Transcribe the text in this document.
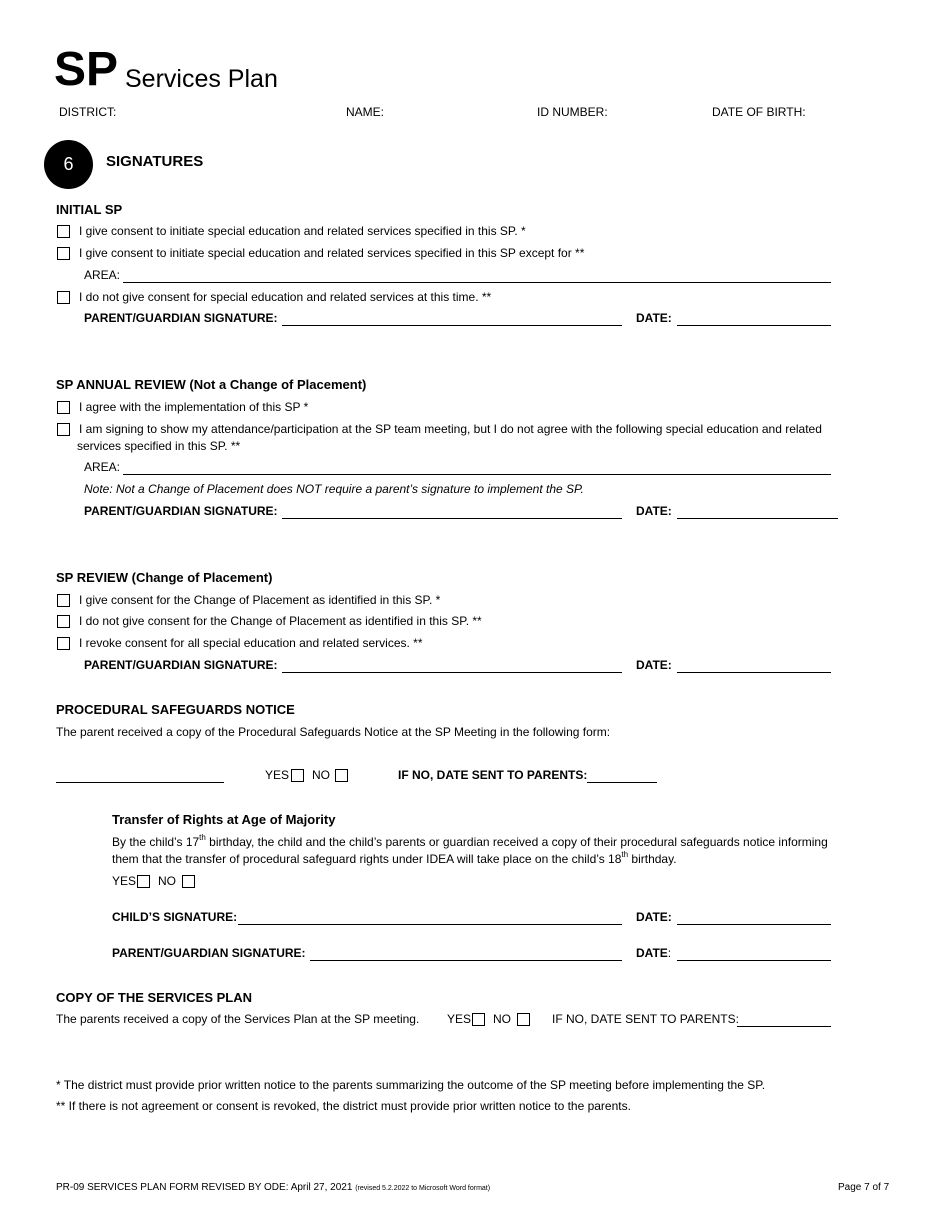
SP Services Plan
DISTRICT:	NAME:	ID NUMBER:	DATE OF BIRTH:
6	SIGNATURES
INITIAL SP
I give consent to initiate special education and related services specified in this SP. *
I give consent to initiate special education and related services specified in this SP except for **
AREA:
I do not give consent for special education and related services at this time. **
PARENT/GUARDIAN SIGNATURE:	DATE:
SP ANNUAL REVIEW (Not a Change of Placement)
I agree with the implementation of this SP *
I am signing to show my attendance/participation at the SP team meeting, but I do not agree with the following special education and related
services specified in this SP. **
AREA:
Note: Not a Change of Placement does NOT require a parent’s signature to implement the SP.
PARENT/GUARDIAN SIGNATURE:	DATE:
SP REVIEW (Change of Placement)
I give consent for the Change of Placement as identified in this SP. *
I do not give consent for the Change of Placement as identified in this SP. **
I revoke consent for all special education and related services. **
PARENT/GUARDIAN SIGNATURE:	DATE:
PROCEDURAL SAFEGUARDS NOTICE
The parent received a copy of the Procedural Safeguards Notice at the SP Meeting in the following form:
YES NO	IF NO, DATE SENT TO PARENTS:
Transfer of Rights at Age of Majority
By the child’s 17th birthday, the child and the child’s parents or guardian received a copy of their procedural safeguards notice informing
them that the transfer of procedural safeguard rights under IDEA will take place on the child’s 18th birthday.
YES NO
CHILD’S SIGNATURE:	DATE:
PARENT/GUARDIAN SIGNATURE:	DATE:
COPY OF THE SERVICES PLAN
The parents received a copy of the Services Plan at the SP meeting. YES NO	IF NO, DATE SENT TO PARENTS:
* The district must provide prior written notice to the parents summarizing the outcome of the SP meeting before implementing the SP.
** If there is not agreement or consent is revoked, the district must provide prior written notice to the parents.
PR-09 SERVICES PLAN FORM REVISED BY ODE: April 27, 2021 (revised 5.2.2022 to Microsoft Word format)	Page 7 of 7
